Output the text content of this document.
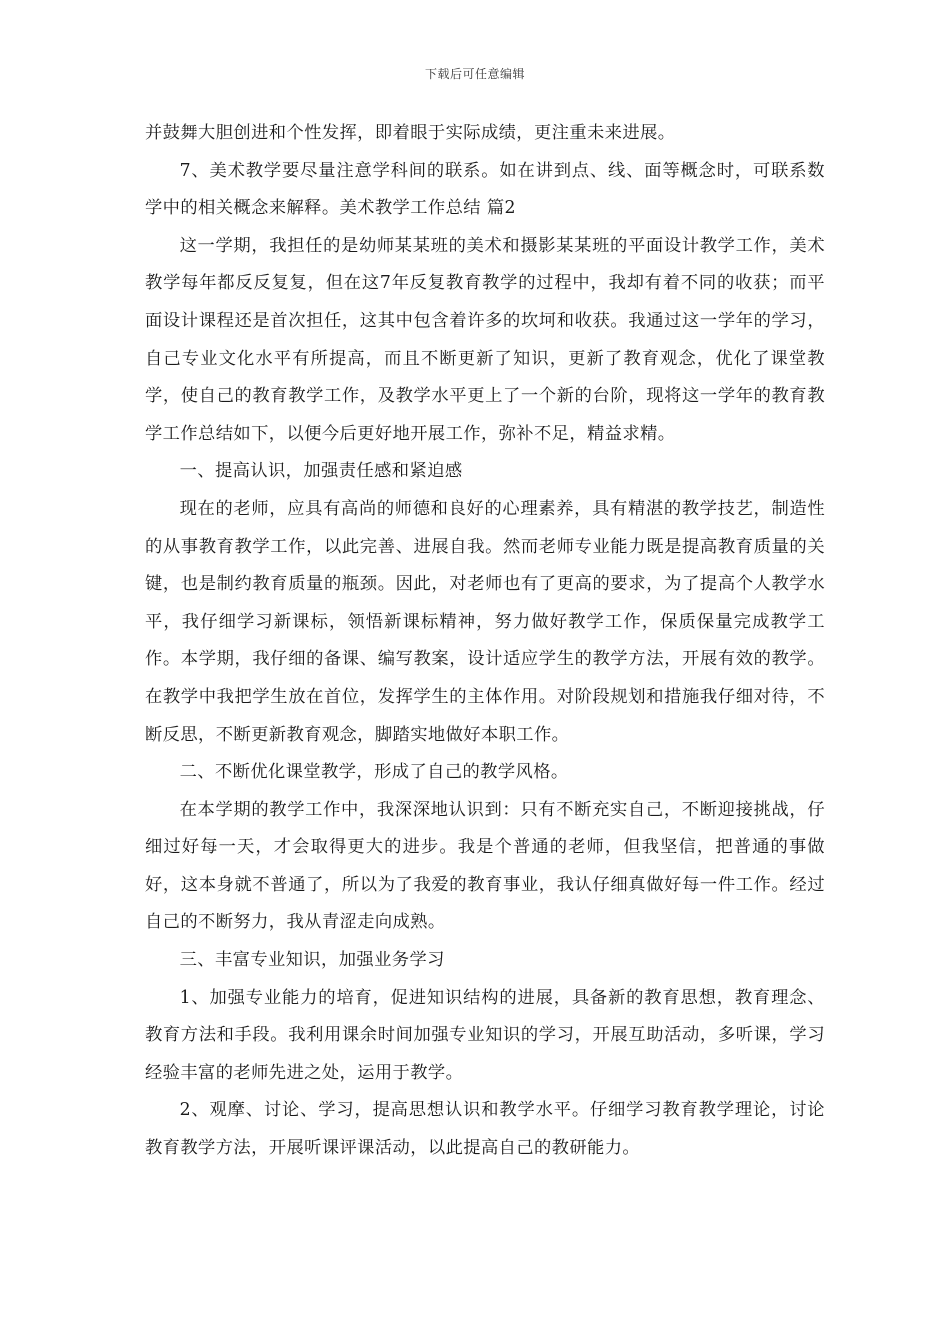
下载后可任意编辑

并鼓舞大胆创进和个性发挥，即着眼于实际成绩，更注重未来进展。

7、美术教学要尽量注意学科间的联系。如在讲到点、线、面等概念时，可联系数学中的相关概念来解释。美术教学工作总结 篇2

这一学期，我担任的是幼师某某班的美术和摄影某某班的平面设计教学工作，美术教学每年都反反复复，但在这7年反复教育教学的过程中，我却有着不同的收获；而平面设计课程还是首次担任，这其中包含着许多的坎坷和收获。我通过这一学年的学习，自己专业文化水平有所提高，而且不断更新了知识，更新了教育观念，优化了课堂教学，使自己的教育教学工作，及教学水平更上了一个新的台阶，现将这一学年的教育教学工作总结如下，以便今后更好地开展工作，弥补不足，精益求精。

一、提高认识，加强责任感和紧迫感

现在的老师，应具有高尚的师德和良好的心理素养，具有精湛的教学技艺，制造性的从事教育教学工作，以此完善、进展自我。然而老师专业能力既是提高教育质量的关键，也是制约教育质量的瓶颈。因此，对老师也有了更高的要求，为了提高个人教学水平，我仔细学习新课标，领悟新课标精神，努力做好教学工作，保质保量完成教学工作。本学期，我仔细的备课、编写教案，设计适应学生的教学方法，开展有效的教学。在教学中我把学生放在首位，发挥学生的主体作用。对阶段规划和措施我仔细对待，不断反思，不断更新教育观念，脚踏实地做好本职工作。

二、不断优化课堂教学，形成了自己的教学风格。

在本学期的教学工作中，我深深地认识到：只有不断充实自己，不断迎接挑战，仔细过好每一天，才会取得更大的进步。我是个普通的老师，但我坚信，把普通的事做好，这本身就不普通了，所以为了我爱的教育事业，我认仔细真做好每一件工作。经过自己的不断努力，我从青涩走向成熟。

三、丰富专业知识，加强业务学习

1、加强专业能力的培育，促进知识结构的进展，具备新的教育思想，教育理念、教育方法和手段。我利用课余时间加强专业知识的学习，开展互助活动，多听课，学习经验丰富的老师先进之处，运用于教学。

2、观摩、讨论、学习，提高思想认识和教学水平。仔细学习教育教学理论，讨论教育教学方法，开展听课评课活动，以此提高自己的教研能力。
